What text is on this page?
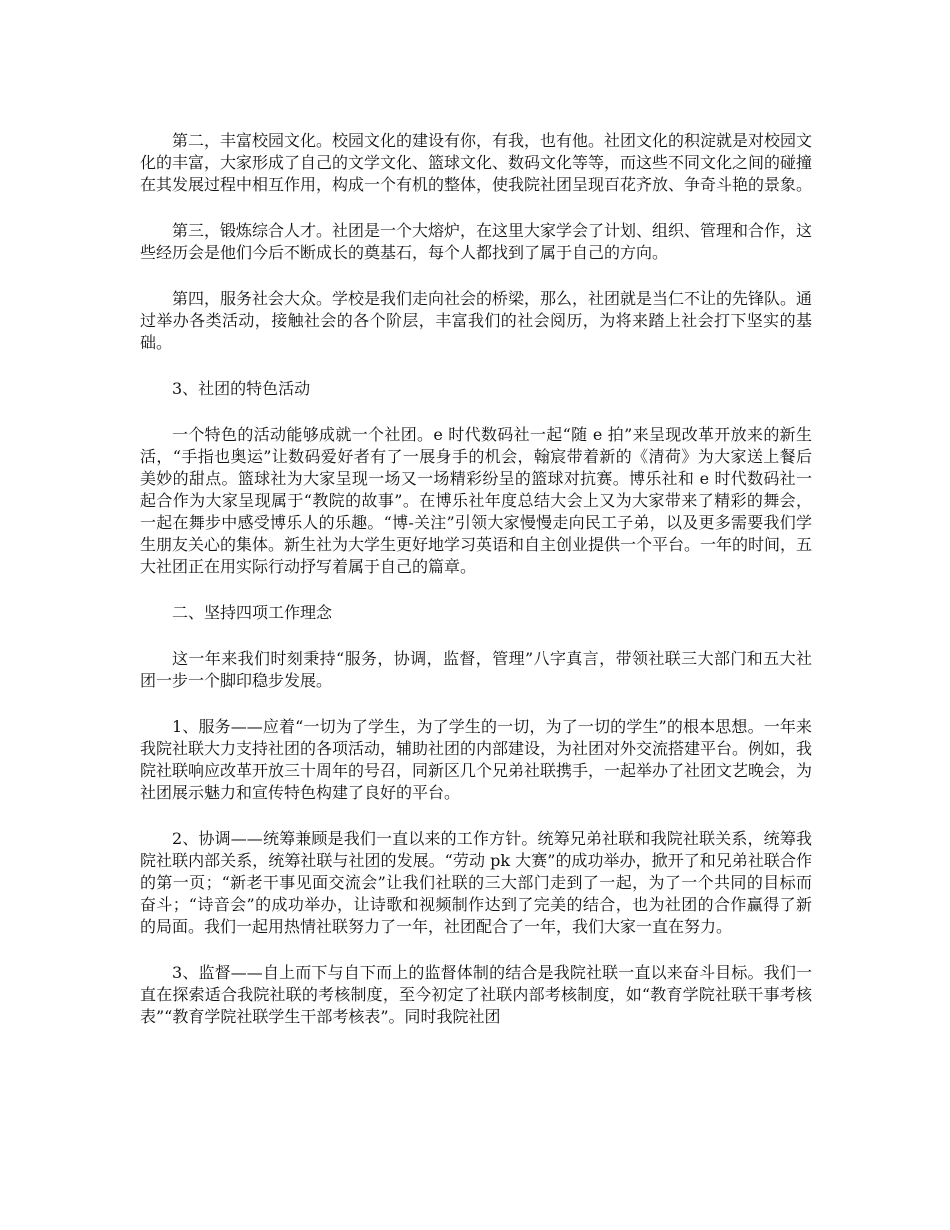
第二，丰富校园文化。校园文化的建设有你，有我，也有他。社团文化的积淀就是对校园文化的丰富，大家形成了自己的文学文化、篮球文化、数码文化等等，而这些不同文化之间的碰撞在其发展过程中相互作用，构成一个有机的整体，使我院社团呈现百花齐放、争奇斗艳的景象。

第三，锻炼综合人才。社团是一个大熔炉，在这里大家学会了计划、组织、管理和合作，这些经历会是他们今后不断成长的奠基石，每个人都找到了属于自己的方向。

第四，服务社会大众。学校是我们走向社会的桥梁，那么，社团就是当仁不让的先锋队。通过举办各类活动，接触社会的各个阶层，丰富我们的社会阅历，为将来踏上社会打下坚实的基础。

3、社团的特色活动

一个特色的活动能够成就一个社团。e 时代数码社一起“随 e 拍”来呈现改革开放来的新生活，“手指也奥运”让数码爱好者有了一展身手的机会，翰宸带着新的《清荷》为大家送上餐后美妙的甜点。篮球社为大家呈现一场又一场精彩纷呈的篮球对抗赛。博乐社和 e 时代数码社一起合作为大家呈现属于“教院的故事”。在博乐社年度总结大会上又为大家带来了精彩的舞会，一起在舞步中感受博乐人的乐趣。“博-关注”引领大家慢慢走向民工子弟，以及更多需要我们学生朋友关心的集体。新生社为大学生更好地学习英语和自主创业提供一个平台。一年的时间，五大社团正在用实际行动抒写着属于自己的篇章。

二、坚持四项工作理念

这一年来我们时刻秉持“服务，协调，监督，管理”八字真言，带领社联三大部门和五大社团一步一个脚印稳步发展。

1、服务——应着“一切为了学生，为了学生的一切，为了一切的学生”的根本思想。一年来我院社联大力支持社团的各项活动，辅助社团的内部建设，为社团对外交流搭建平台。例如，我院社联响应改革开放三十周年的号召，同新区几个兄弟社联携手，一起举办了社团文艺晚会，为社团展示魅力和宣传特色构建了良好的平台。

2、协调——统筹兼顾是我们一直以来的工作方针。统筹兄弟社联和我院社联关系，统筹我院社联内部关系，统筹社联与社团的发展。“劳动 pk 大赛”的成功举办，掀开了和兄弟社联合作的第一页；“新老干事见面交流会”让我们社联的三大部门走到了一起，为了一个共同的目标而奋斗；“诗音会”的成功举办，让诗歌和视频制作达到了完美的结合，也为社团的合作赢得了新的局面。我们一起用热情社联努力了一年，社团配合了一年，我们大家一直在努力。

3、监督——自上而下与自下而上的监督体制的结合是我院社联一直以来奋斗目标。我们一直在探索适合我院社联的考核制度，至今初定了社联内部考核制度，如“教育学院社联干事考核表”“教育学院社联学生干部考核表”。同时我院社团
